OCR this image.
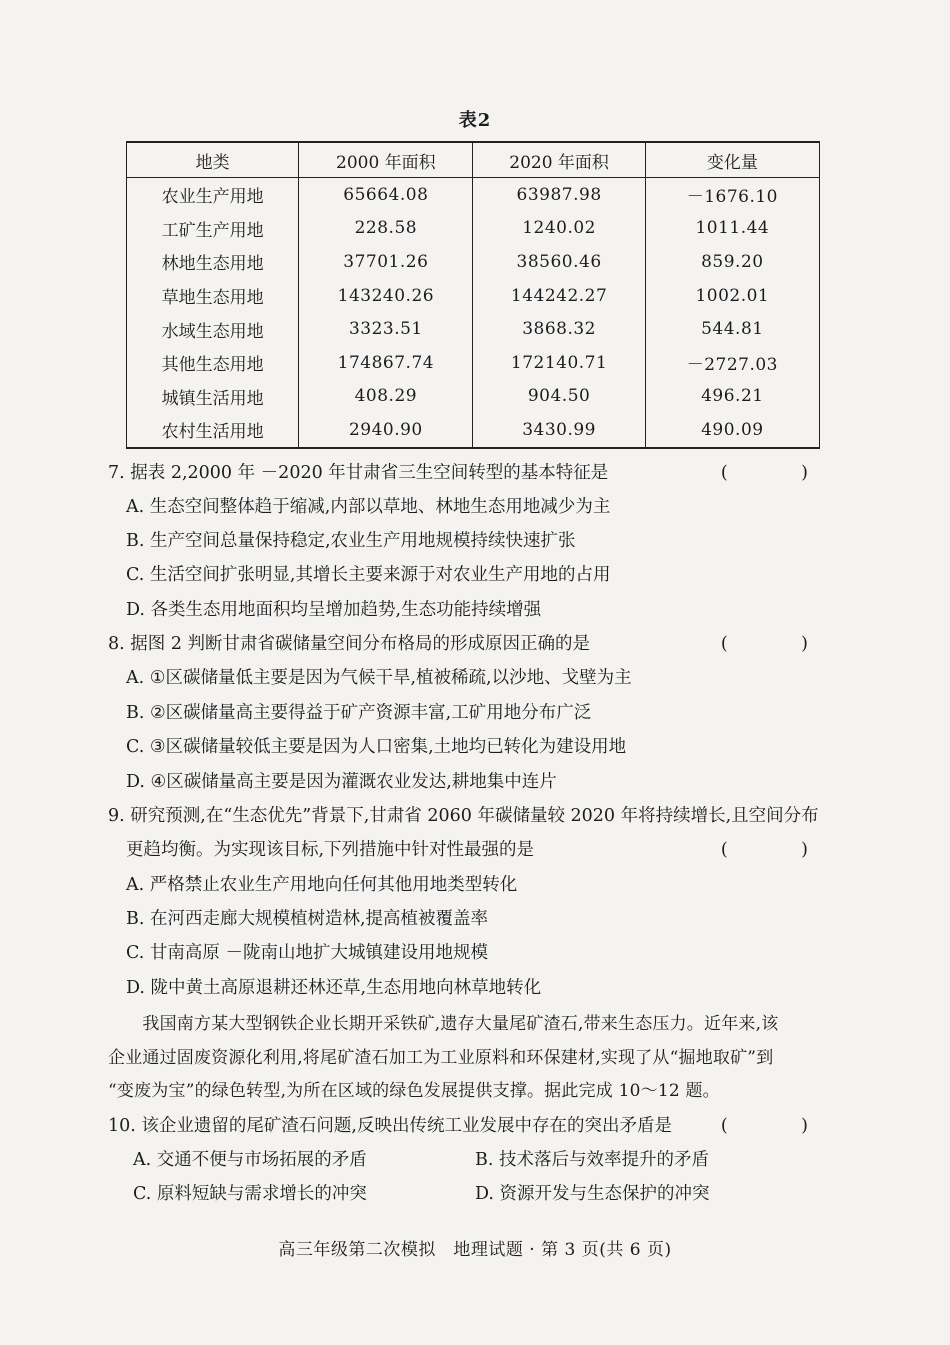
表2
地类	2000 年面积	2020 年面积	变化量
农业生产用地	65664.08	63987.98	－1676.10
工矿生产用地	228.58	1240.02	1011.44
林地生态用地	37701.26	38560.46	859.20
草地生态用地	143240.26	144242.27	1002.01
水域生态用地	3323.51	3868.32	544.81
其他生态用地	174867.74	172140.71	－2727.03
城镇生活用地	408.29	904.50	496.21
农村生活用地	2940.90	3430.99	490.09
7. 据表 2,2000 年 －2020 年甘肃省三生空间转型的基本特征是	(　)
A. 生态空间整体趋于缩减,内部以草地、林地生态用地减少为主
B. 生产空间总量保持稳定,农业生产用地规模持续快速扩张
C. 生活空间扩张明显,其增长主要来源于对农业生产用地的占用
D. 各类生态用地面积均呈增加趋势,生态功能持续增强
8. 据图 2 判断甘肃省碳储量空间分布格局的形成原因正确的是	(　)
A. ①区碳储量低主要是因为气候干旱,植被稀疏,以沙地、戈壁为主
B. ②区碳储量高主要得益于矿产资源丰富,工矿用地分布广泛
C. ③区碳储量较低主要是因为人口密集,土地均已转化为建设用地
D. ④区碳储量高主要是因为灌溉农业发达,耕地集中连片
9. 研究预测,在“生态优先”背景下,甘肃省 2060 年碳储量较 2020 年将持续增长,且空间分布
更趋均衡。为实现该目标,下列措施中针对性最强的是	(　)
A. 严格禁止农业生产用地向任何其他用地类型转化
B. 在河西走廊大规模植树造林,提高植被覆盖率
C. 甘南高原 －陇南山地扩大城镇建设用地规模
D. 陇中黄土高原退耕还林还草,生态用地向林草地转化
　　我国南方某大型钢铁企业长期开采铁矿,遗存大量尾矿渣石,带来生态压力。近年来,该
企业通过固废资源化利用,将尾矿渣石加工为工业原料和环保建材,实现了从“掘地取矿”到
“变废为宝”的绿色转型,为所在区域的绿色发展提供支撑。据此完成 10～12 题。
10. 该企业遗留的尾矿渣石问题,反映出传统工业发展中存在的突出矛盾是	(　)
A. 交通不便与市场拓展的矛盾	B. 技术落后与效率提升的矛盾
C. 原料短缺与需求增长的冲突	D. 资源开发与生态保护的冲突
高三年级第二次模拟　地理试题 · 第 3 页(共 6 页)
